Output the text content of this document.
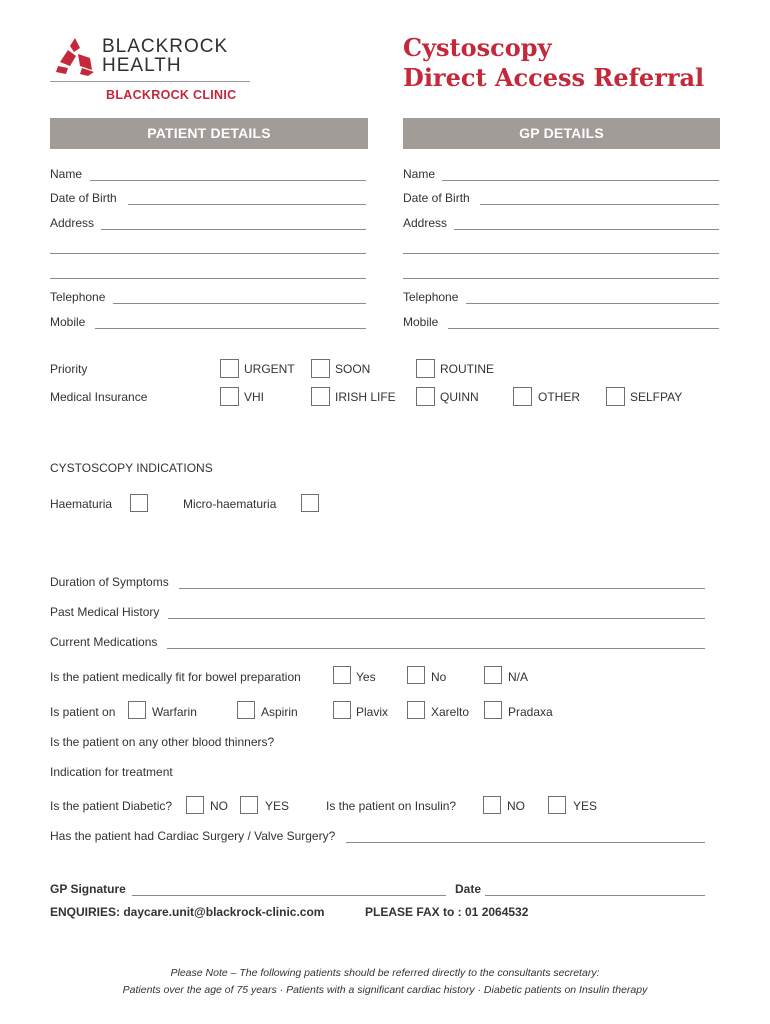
BLACKROCK
HEALTH
BLACKROCK CLINIC
Cystoscopy
Direct Access Referral
PATIENT DETAILS	GP DETAILS
Name
Date of Birth
Address
Telephone
Mobile
Name
Date of Birth
Address
Telephone
Mobile
Priority	URGENT	SOON	ROUTINE
Medical Insurance	VHI	IRISH LIFE	QUINN	OTHER	SELFPAY
CYSTOSCOPY INDICATIONS
Haematuria	Micro-haematuria
Duration of Symptoms
Past Medical History
Current Medications
Is the patient medically fit for bowel preparation	Yes	No	N/A
Is patient on	Warfarin	Aspirin	Plavix	Xarelto	Pradaxa
Is the patient on any other blood thinners?
Indication for treatment
Is the patient Diabetic?	NO	YES	Is the patient on Insulin?	NO	YES
Has the patient had Cardiac Surgery / Valve Surgery?
GP Signature	Date
ENQUIRIES: daycare.unit@blackrock-clinic.com	PLEASE FAX to : 01 2064532
Please Note – The following patients should be referred directly to the consultants secretary:
Patients over the age of 75 years · Patients with a significant cardiac history · Diabetic patients on Insulin therapy
